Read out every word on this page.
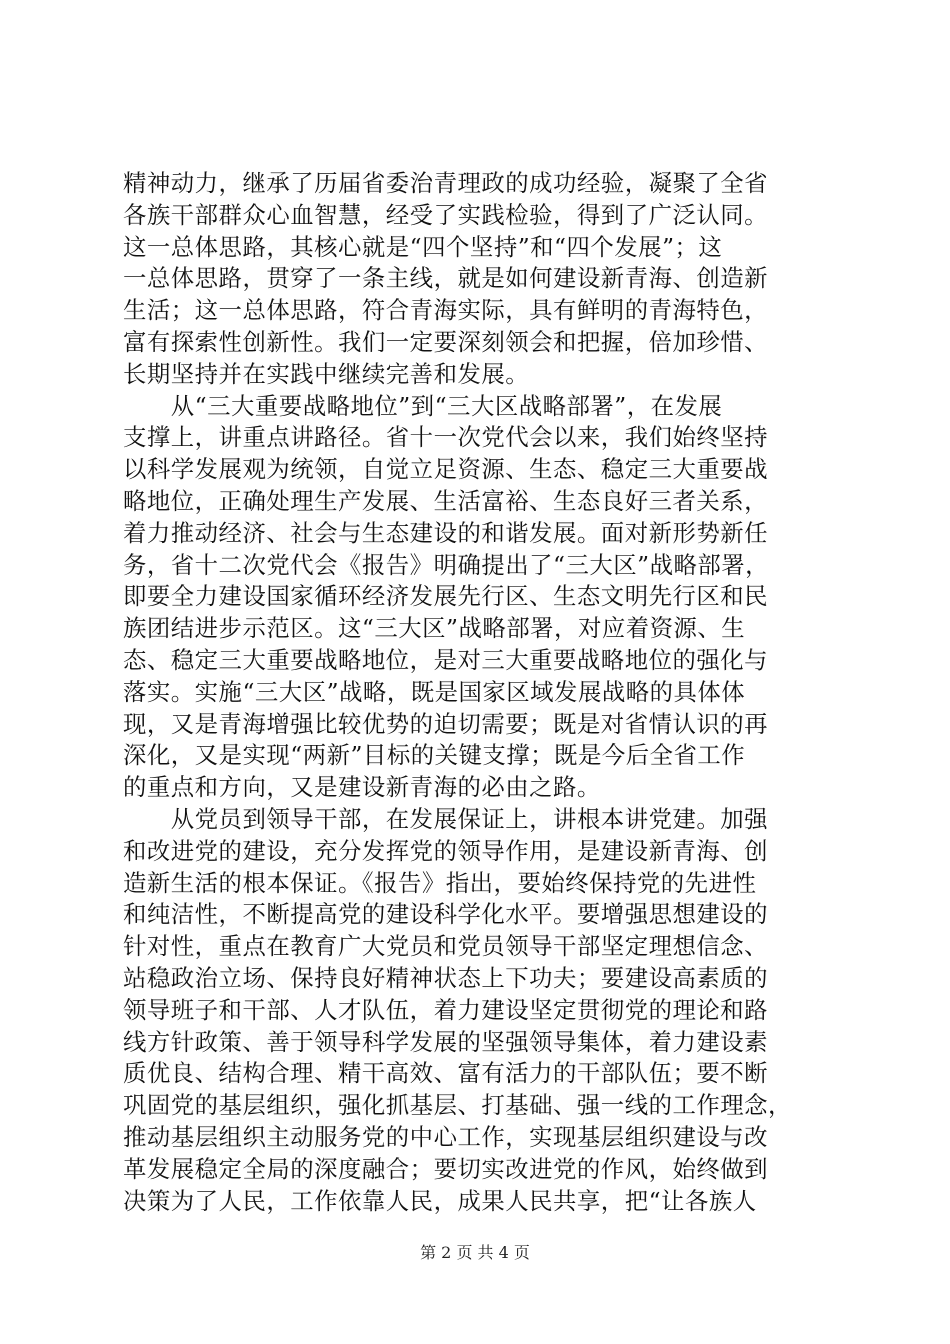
精神动力，继承了历届省委治青理政的成功经验，凝聚了全省
各族干部群众心血智慧，经受了实践检验，得到了广泛认同。
这一总体思路，其核心就是“四个坚持”和“四个发展”；这
一总体思路，贯穿了一条主线，就是如何建设新青海、创造新
生活；这一总体思路，符合青海实际，具有鲜明的青海特色，
富有探索性创新性。我们一定要深刻领会和把握，倍加珍惜、
长期坚持并在实践中继续完善和发展。
　　从“三大重要战略地位”到“三大区战略部署”，在发展
支撑上，讲重点讲路径。省十一次党代会以来，我们始终坚持
以科学发展观为统领，自觉立足资源、生态、稳定三大重要战
略地位，正确处理生产发展、生活富裕、生态良好三者关系，
着力推动经济、社会与生态建设的和谐发展。面对新形势新任
务，省十二次党代会《报告》明确提出了“三大区”战略部署，
即要全力建设国家循环经济发展先行区、生态文明先行区和民
族团结进步示范区。这“三大区”战略部署，对应着资源、生
态、稳定三大重要战略地位，是对三大重要战略地位的强化与
落实。实施“三大区”战略，既是国家区域发展战略的具体体
现，又是青海增强比较优势的迫切需要；既是对省情认识的再
深化，又是实现“两新”目标的关键支撑；既是今后全省工作
的重点和方向，又是建设新青海的必由之路。
　　从党员到领导干部，在发展保证上，讲根本讲党建。加强
和改进党的建设，充分发挥党的领导作用，是建设新青海、创
造新生活的根本保证。《报告》指出，要始终保持党的先进性
和纯洁性，不断提高党的建设科学化水平。要增强思想建设的
针对性，重点在教育广大党员和党员领导干部坚定理想信念、
站稳政治立场、保持良好精神状态上下功夫；要建设高素质的
领导班子和干部、人才队伍，着力建设坚定贯彻党的理论和路
线方针政策、善于领导科学发展的坚强领导集体，着力建设素
质优良、结构合理、精干高效、富有活力的干部队伍；要不断
巩固党的基层组织，强化抓基层、打基础、强一线的工作理念，
推动基层组织主动服务党的中心工作，实现基层组织建设与改
革发展稳定全局的深度融合；要切实改进党的作风，始终做到
决策为了人民，工作依靠人民，成果人民共享，把“让各族人
第 2 页 共 4 页
